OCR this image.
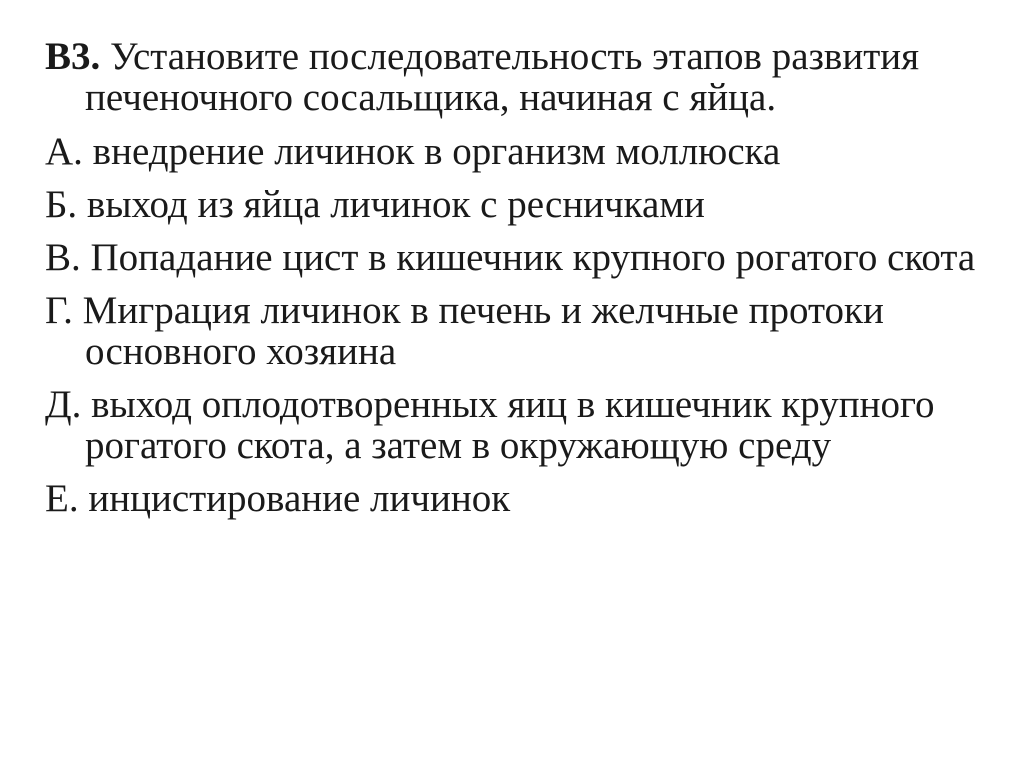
В3. Установите последовательность этапов развития печеночного сосальщика, начиная с яйца.

А. внедрение личинок в организм моллюска

Б. выход из яйца личинок с ресничками

В. Попадание цист в кишечник крупного рогатого скота

Г. Миграция личинок в печень и желчные протоки основного хозяина

Д. выход оплодотворенных яиц в кишечник крупного рогатого скота, а затем в окружающую среду

Е. инцистирование личинок
